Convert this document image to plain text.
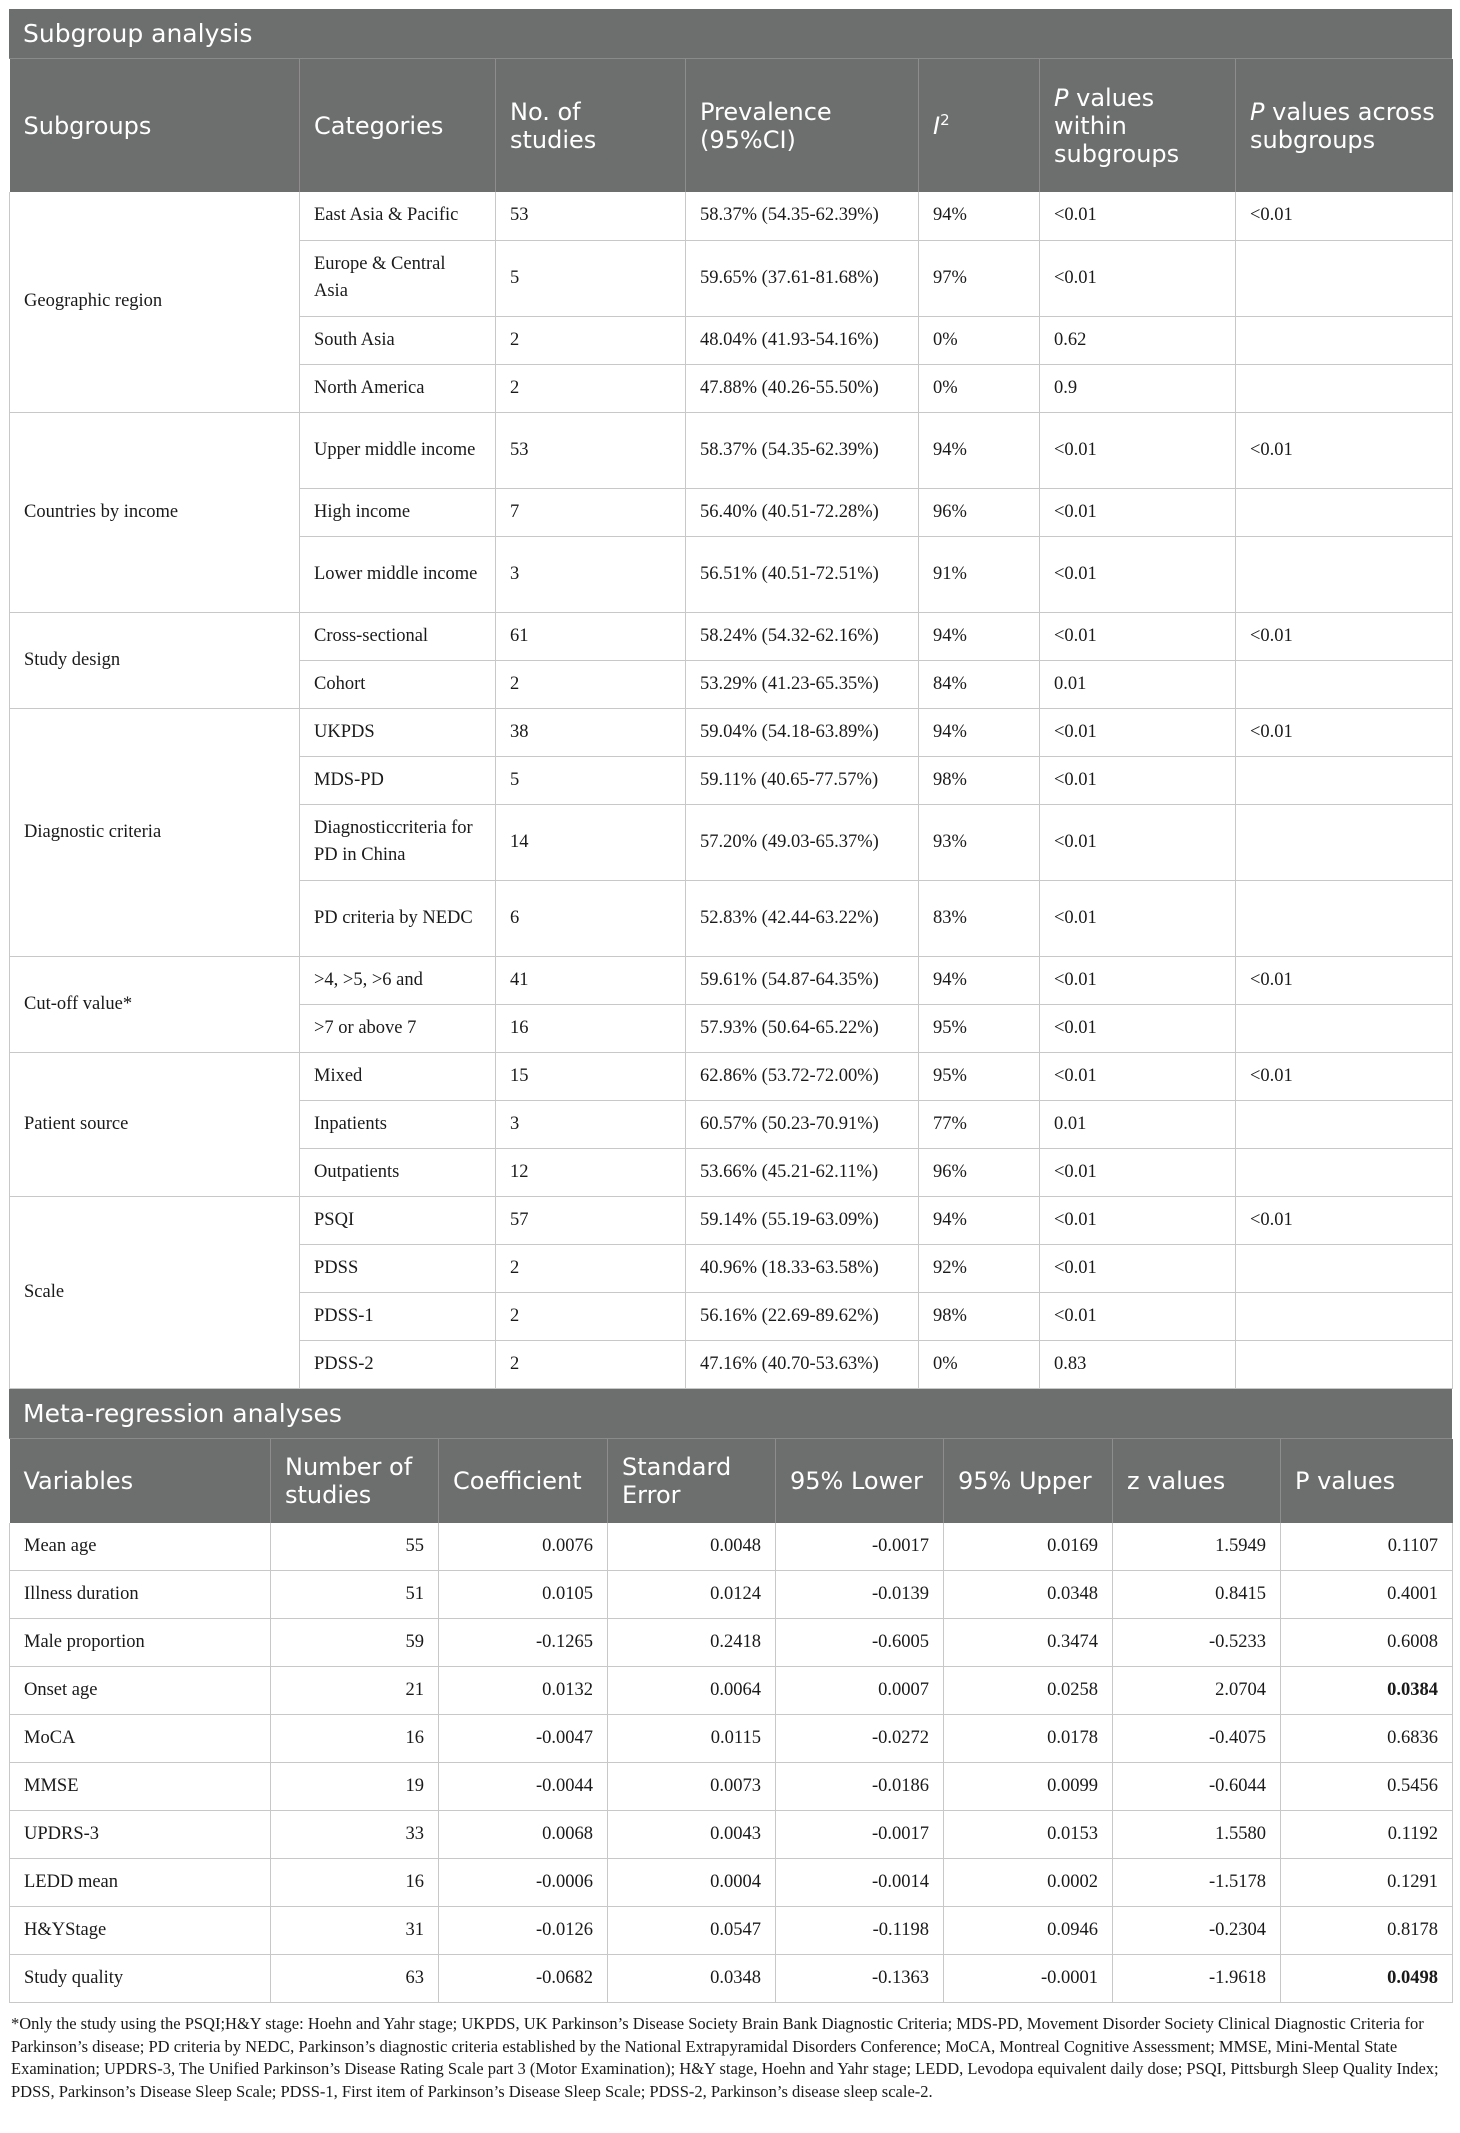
Subgroup analysis
Subgroups	Categories	No. of studies	Prevalence (95%CI)	$I^2$	P values within subgroups	P values across subgroups
Geographic region	East Asia & Pacific	53	58.37% (54.35-62.39%)	94%	<0.01	<0.01
	Europe & Central Asia	5	59.65% (37.61-81.68%)	97%	<0.01	
	South Asia	2	48.04% (41.93-54.16%)	0%	0.62	
	North America	2	47.88% (40.26-55.50%)	0%	0.9	
Countries by income	Upper middle income	53	58.37% (54.35-62.39%)	94%	<0.01	<0.01
	High income	7	56.40% (40.51-72.28%)	96%	<0.01	
	Lower middle income	3	56.51% (40.51-72.51%)	91%	<0.01	
Study design	Cross-sectional	61	58.24% (54.32-62.16%)	94%	<0.01	<0.01
	Cohort	2	53.29% (41.23-65.35%)	84%	0.01	
Diagnostic criteria	UKPDS	38	59.04% (54.18-63.89%)	94%	<0.01	<0.01
	MDS-PD	5	59.11% (40.65-77.57%)	98%	<0.01	
	Diagnosticcriteria for PD in China	14	57.20% (49.03-65.37%)	93%	<0.01	
	PD criteria by NEDC	6	52.83% (42.44-63.22%)	83%	<0.01	
Cut-off value*	>4, >5, >6 and	41	59.61% (54.87-64.35%)	94%	<0.01	<0.01
	>7 or above 7	16	57.93% (50.64-65.22%)	95%	<0.01	
Patient source	Mixed	15	62.86% (53.72-72.00%)	95%	<0.01	<0.01
	Inpatients	3	60.57% (50.23-70.91%)	77%	0.01	
	Outpatients	12	53.66% (45.21-62.11%)	96%	<0.01	
Scale	PSQI	57	59.14% (55.19-63.09%)	94%	<0.01	<0.01
	PDSS	2	40.96% (18.33-63.58%)	92%	<0.01	
	PDSS-1	2	56.16% (22.69-89.62%)	98%	<0.01	
	PDSS-2	2	47.16% (40.70-53.63%)	0%	0.83	
Meta-regression analyses
Variables	Number of studies	Coefficient	Standard Error	95% Lower	95% Upper	z values	P values
Mean age	55	0.0076	0.0048	-0.0017	0.0169	1.5949	0.1107
Illness duration	51	0.0105	0.0124	-0.0139	0.0348	0.8415	0.4001
Male proportion	59	-0.1265	0.2418	-0.6005	0.3474	-0.5233	0.6008
Onset age	21	0.0132	0.0064	0.0007	0.0258	2.0704	0.0384
MoCA	16	-0.0047	0.0115	-0.0272	0.0178	-0.4075	0.6836
MMSE	19	-0.0044	0.0073	-0.0186	0.0099	-0.6044	0.5456
UPDRS-3	33	0.0068	0.0043	-0.0017	0.0153	1.5580	0.1192
LEDD mean	16	-0.0006	0.0004	-0.0014	0.0002	-1.5178	0.1291
H&YStage	31	-0.0126	0.0547	-0.1198	0.0946	-0.2304	0.8178
Study quality	63	-0.0682	0.0348	-0.1363	-0.0001	-1.9618	0.0498
*Only the study using the PSQI;H&Y stage: Hoehn and Yahr stage; UKPDS, UK Parkinson’s Disease Society Brain Bank Diagnostic Criteria; MDS-PD, Movement Disorder Society Clinical Diagnostic Criteria for Parkinson’s disease; PD criteria by NEDC, Parkinson’s diagnostic criteria established by the National Extrapyramidal Disorders Conference; MoCA, Montreal Cognitive Assessment; MMSE, Mini-Mental State Examination; UPDRS-3, The Unified Parkinson’s Disease Rating Scale part 3 (Motor Examination); H&Y stage, Hoehn and Yahr stage; LEDD, Levodopa equivalent daily dose; PSQI, Pittsburgh Sleep Quality Index; PDSS, Parkinson’s Disease Sleep Scale; PDSS-1, First item of Parkinson’s Disease Sleep Scale; PDSS-2, Parkinson’s disease sleep scale-2.
